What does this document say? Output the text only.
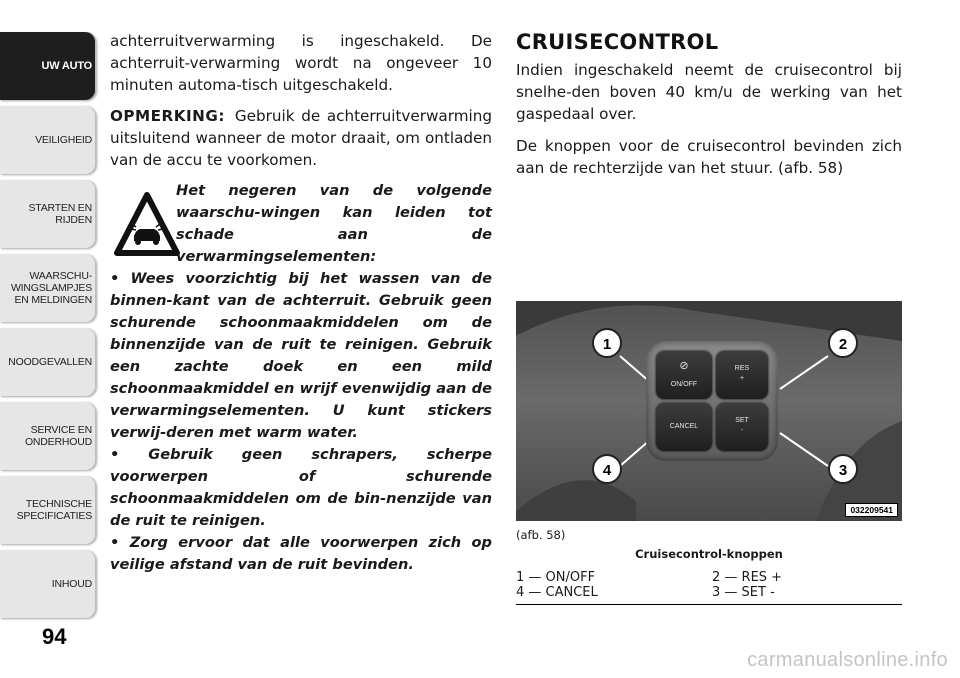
UW AUTO
VEILIGHEID
STARTEN EN
RIJDEN
WAARSCHU-
WINGSLAMPJES
EN MELDINGEN
NOODGEVALLEN
SERVICE EN
ONDERHOUD
TECHNISCHE
SPECIFICATIES
INHOUD
94

achterruitverwarming is ingeschakeld. De achterruit-verwarming wordt na ongeveer 10 minuten automa-tisch uitgeschakeld.

OPMERKING: Gebruik de achterruitverwarming uitsluitend wanneer de motor draait, om ontladen van de accu te voorkomen.

Het negeren van de volgende waarschu-wingen kan leiden tot schade aan de verwarmingselementen:
• Wees voorzichtig bij het wassen van de binnen-kant van de achterruit. Gebruik geen schurende schoonmaakmiddelen om de binnenzijde van de ruit te reinigen. Gebruik een zachte doek en een mild schoonmaakmiddel en wrijf evenwijdig aan de verwarmingselementen. U kunt stickers verwij-deren met warm water.
• Gebruik geen schrapers, scherpe voorwerpen of schurende schoonmaakmiddelen om de bin-nenzijde van de ruit te reinigen.
• Zorg ervoor dat alle voorwerpen zich op veilige afstand van de ruit bevinden.
CRUISECONTROL

Indien ingeschakeld neemt de cruisecontrol bij snelhe-den boven 40 km/u de werking van het gaspedaal over.

De knoppen voor de cruisecontrol bevinden zich aan de rechterzijde van het stuur. (afb. 58)

⊘
ON/OFF
CANCEL
RES
+
SET
-
1	2
3
4
032209541
(afb. 58)
Cruisecontrol-knoppen
1 — ON/OFF	2 — RES +
4 — CANCEL	3 — SET -
carmanualsonline.info
